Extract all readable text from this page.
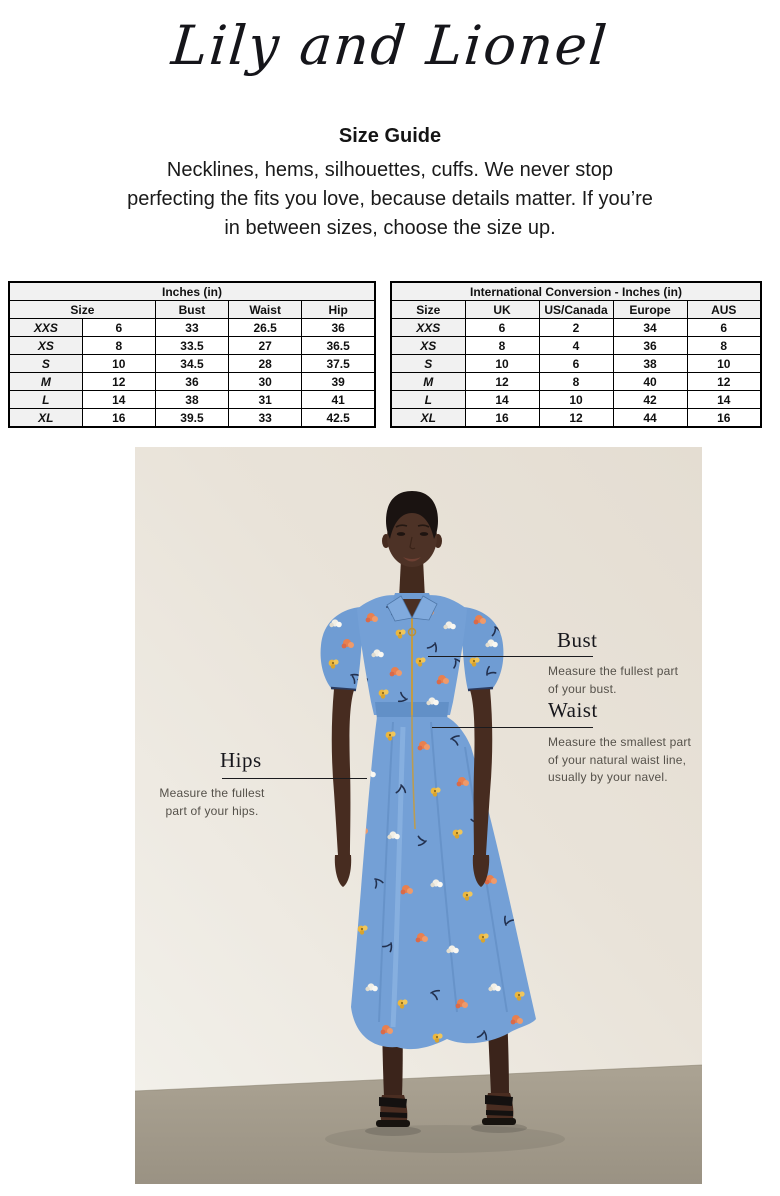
Lily and Lionel
Size Guide
Necklines, hems, silhouettes, cuffs. We never stop
perfecting the fits you love, because details matter. If you’re
in between sizes, choose the size up.
Inches (in)				
Size		Bust	Waist	Hip
XXS	6	33	26.5	36
XS	8	33.5	27	36.5
S	10	34.5	28	37.5
M	12	36	30	39
L	14	38	31	41
XL	16	39.5	33	42.5
International Conversion - Inches (in)				
Size	UK	US/Canada	Europe	AUS
XXS	6	2	34	6
XS	8	4	36	8
S	10	6	38	10
M	12	8	40	12
L	14	10	42	14
XL	16	12	44	16
Bust
Measure the fullest part
of your bust.
Waist
Measure the smallest part
of your natural waist line,
usually by your navel.
Hips
Measure the fullest
part of your hips.
